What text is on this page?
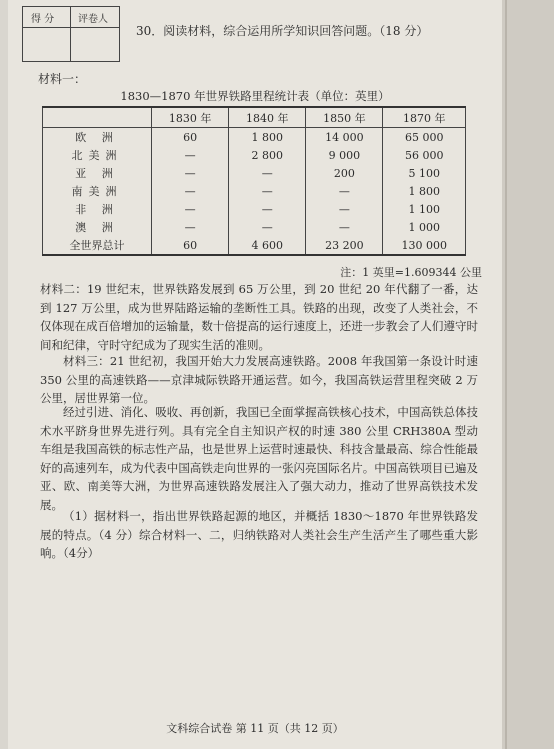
得 分 评卷人
30．阅读材料，综合运用所学知识回答问题。（18 分）
材料一：
1830—1870 年世界铁路里程统计表（单位：英里）
	1830 年	1840 年	1850 年	1870 年
欧 洲	60	1 800	14 000	65 000
北美洲	—	2 800	9 000	56 000
亚 洲	—	—	200	5 100
南美洲	—	—	—	1 800
非 洲	—	—	—	1 100
澳 洲	—	—	—	1 000
全世界总计	60	4 600	23 200	130 000
注：1 英里=1.609344 公里
材料二：19 世纪末，世界铁路发展到 65 万公里，到 20 世纪 20 年代翻了一番，达到 127 万公里，成为世界陆路运输的垄断性工具。铁路的出现，改变了人类社会，不仅体现在成百倍增加的运输量，数十倍提高的运行速度上，还进一步教会了人们遵守时间和纪律，守时守纪成为了现实生活的准则。
材料三：21 世纪初，我国开始大力发展高速铁路。2008 年我国第一条设计时速 350 公里的高速铁路——京津城际铁路开通运营。如今，我国高铁运营里程突破 2 万公里，居世界第一位。
经过引进、消化、吸收、再创新，我国已全面掌握高铁核心技术，中国高铁总体技术水平跻身世界先进行列。具有完全自主知识产权的时速 380 公里 CRH380A 型动车组是我国高铁的标志性产品，也是世界上运营时速最快、科技含量最高、综合性能最好的高速列车，成为代表中国高铁走向世界的一张闪亮国际名片。中国高铁项目已遍及亚、欧、南美等大洲，为世界高速铁路发展注入了强大动力，推动了世界高铁技术发展。
（1）据材料一，指出世界铁路起源的地区，并概括 1830～1870 年世界铁路发展的特点。（4 分）综合材料一、二，归纳铁路对人类社会生产生活产生了哪些重大影响。（4分）
文科综合试卷 第 11 页（共 12 页）
